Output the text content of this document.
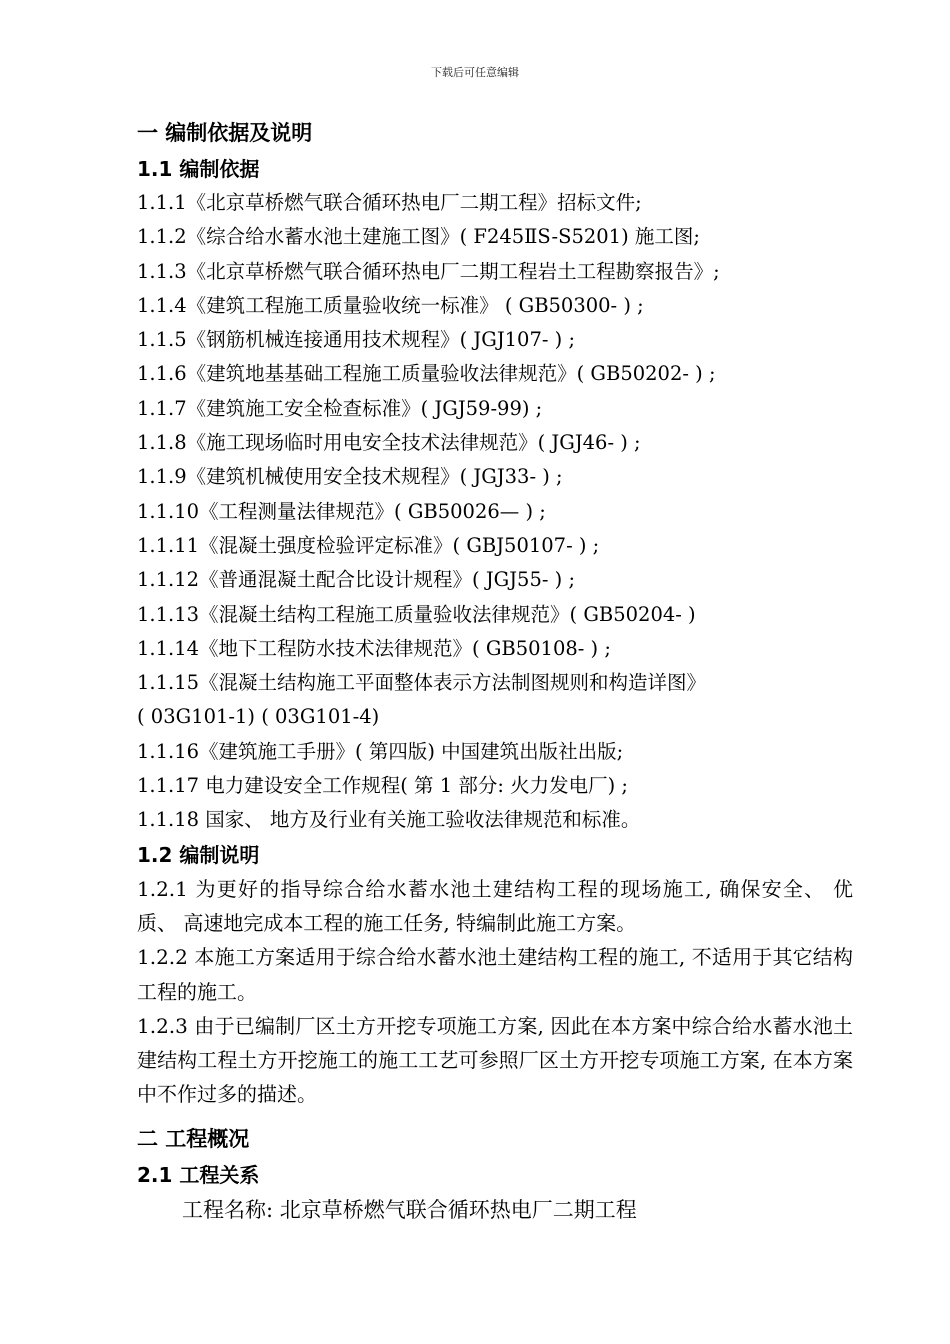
下载后可任意编辑
一 编制依据及说明
1.1 编制依据
1.1.1《北京草桥燃气联合循环热电厂二期工程》招标文件;
1.1.2《综合给水蓄水池土建施工图》( F245ⅡS-S5201) 施工图;
1.1.3《北京草桥燃气联合循环热电厂二期工程岩土工程勘察报告》;
1.1.4《建筑工程施工质量验收统一标准》 ( GB50300- ) ;
1.1.5《钢筋机械连接通用技术规程》( JGJ107- ) ;
1.1.6《建筑地基基础工程施工质量验收法律规范》( GB50202- ) ;
1.1.7《建筑施工安全检查标准》( JGJ59-99) ;
1.1.8《施工现场临时用电安全技术法律规范》( JGJ46- ) ;
1.1.9《建筑机械使用安全技术规程》( JGJ33- ) ;
1.1.10《工程测量法律规范》( GB50026— ) ;
1.1.11《混凝土强度检验评定标准》( GBJ50107- ) ;
1.1.12《普通混凝土配合比设计规程》( JGJ55- ) ;
1.1.13《混凝土结构工程施工质量验收法律规范》( GB50204- )
1.1.14《地下工程防水技术法律规范》( GB50108- ) ;
1.1.15《混凝土结构施工平面整体表示方法制图规则和构造详图》
( 03G101-1) ( 03G101-4)
1.1.16《建筑施工手册》( 第四版) 中国建筑出版社出版;
1.1.17 电力建设安全工作规程( 第 1 部分: 火力发电厂) ;
1.1.18 国家、 地方及行业有关施工验收法律规范和标准。
1.2 编制说明
1.2.1 为更好的指导综合给水蓄水池土建结构工程的现场施工, 确保安全、 优质、 高速地完成本工程的施工任务, 特编制此施工方案。
1.2.2 本施工方案适用于综合给水蓄水池土建结构工程的施工, 不适用于其它结构工程的施工。
1.2.3 由于已编制厂区土方开挖专项施工方案, 因此在本方案中综合给水蓄水池土建结构工程土方开挖施工的施工工艺可参照厂区土方开挖专项施工方案, 在本方案中不作过多的描述。
二 工程概况
2.1 工程关系
工程名称: 北京草桥燃气联合循环热电厂二期工程
